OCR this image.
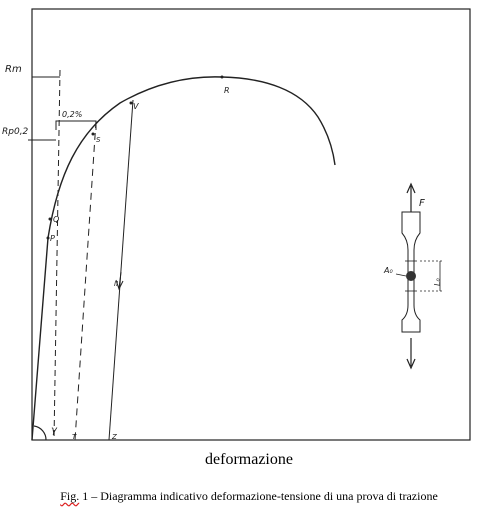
Rm
Rp0,2
0,2%
R
V
S
Q
P
γ
T	Z
II
F
A₀
L₀
deformazione
Fig. 1 – Diagramma indicativo deformazione-tensione di una prova di trazione
